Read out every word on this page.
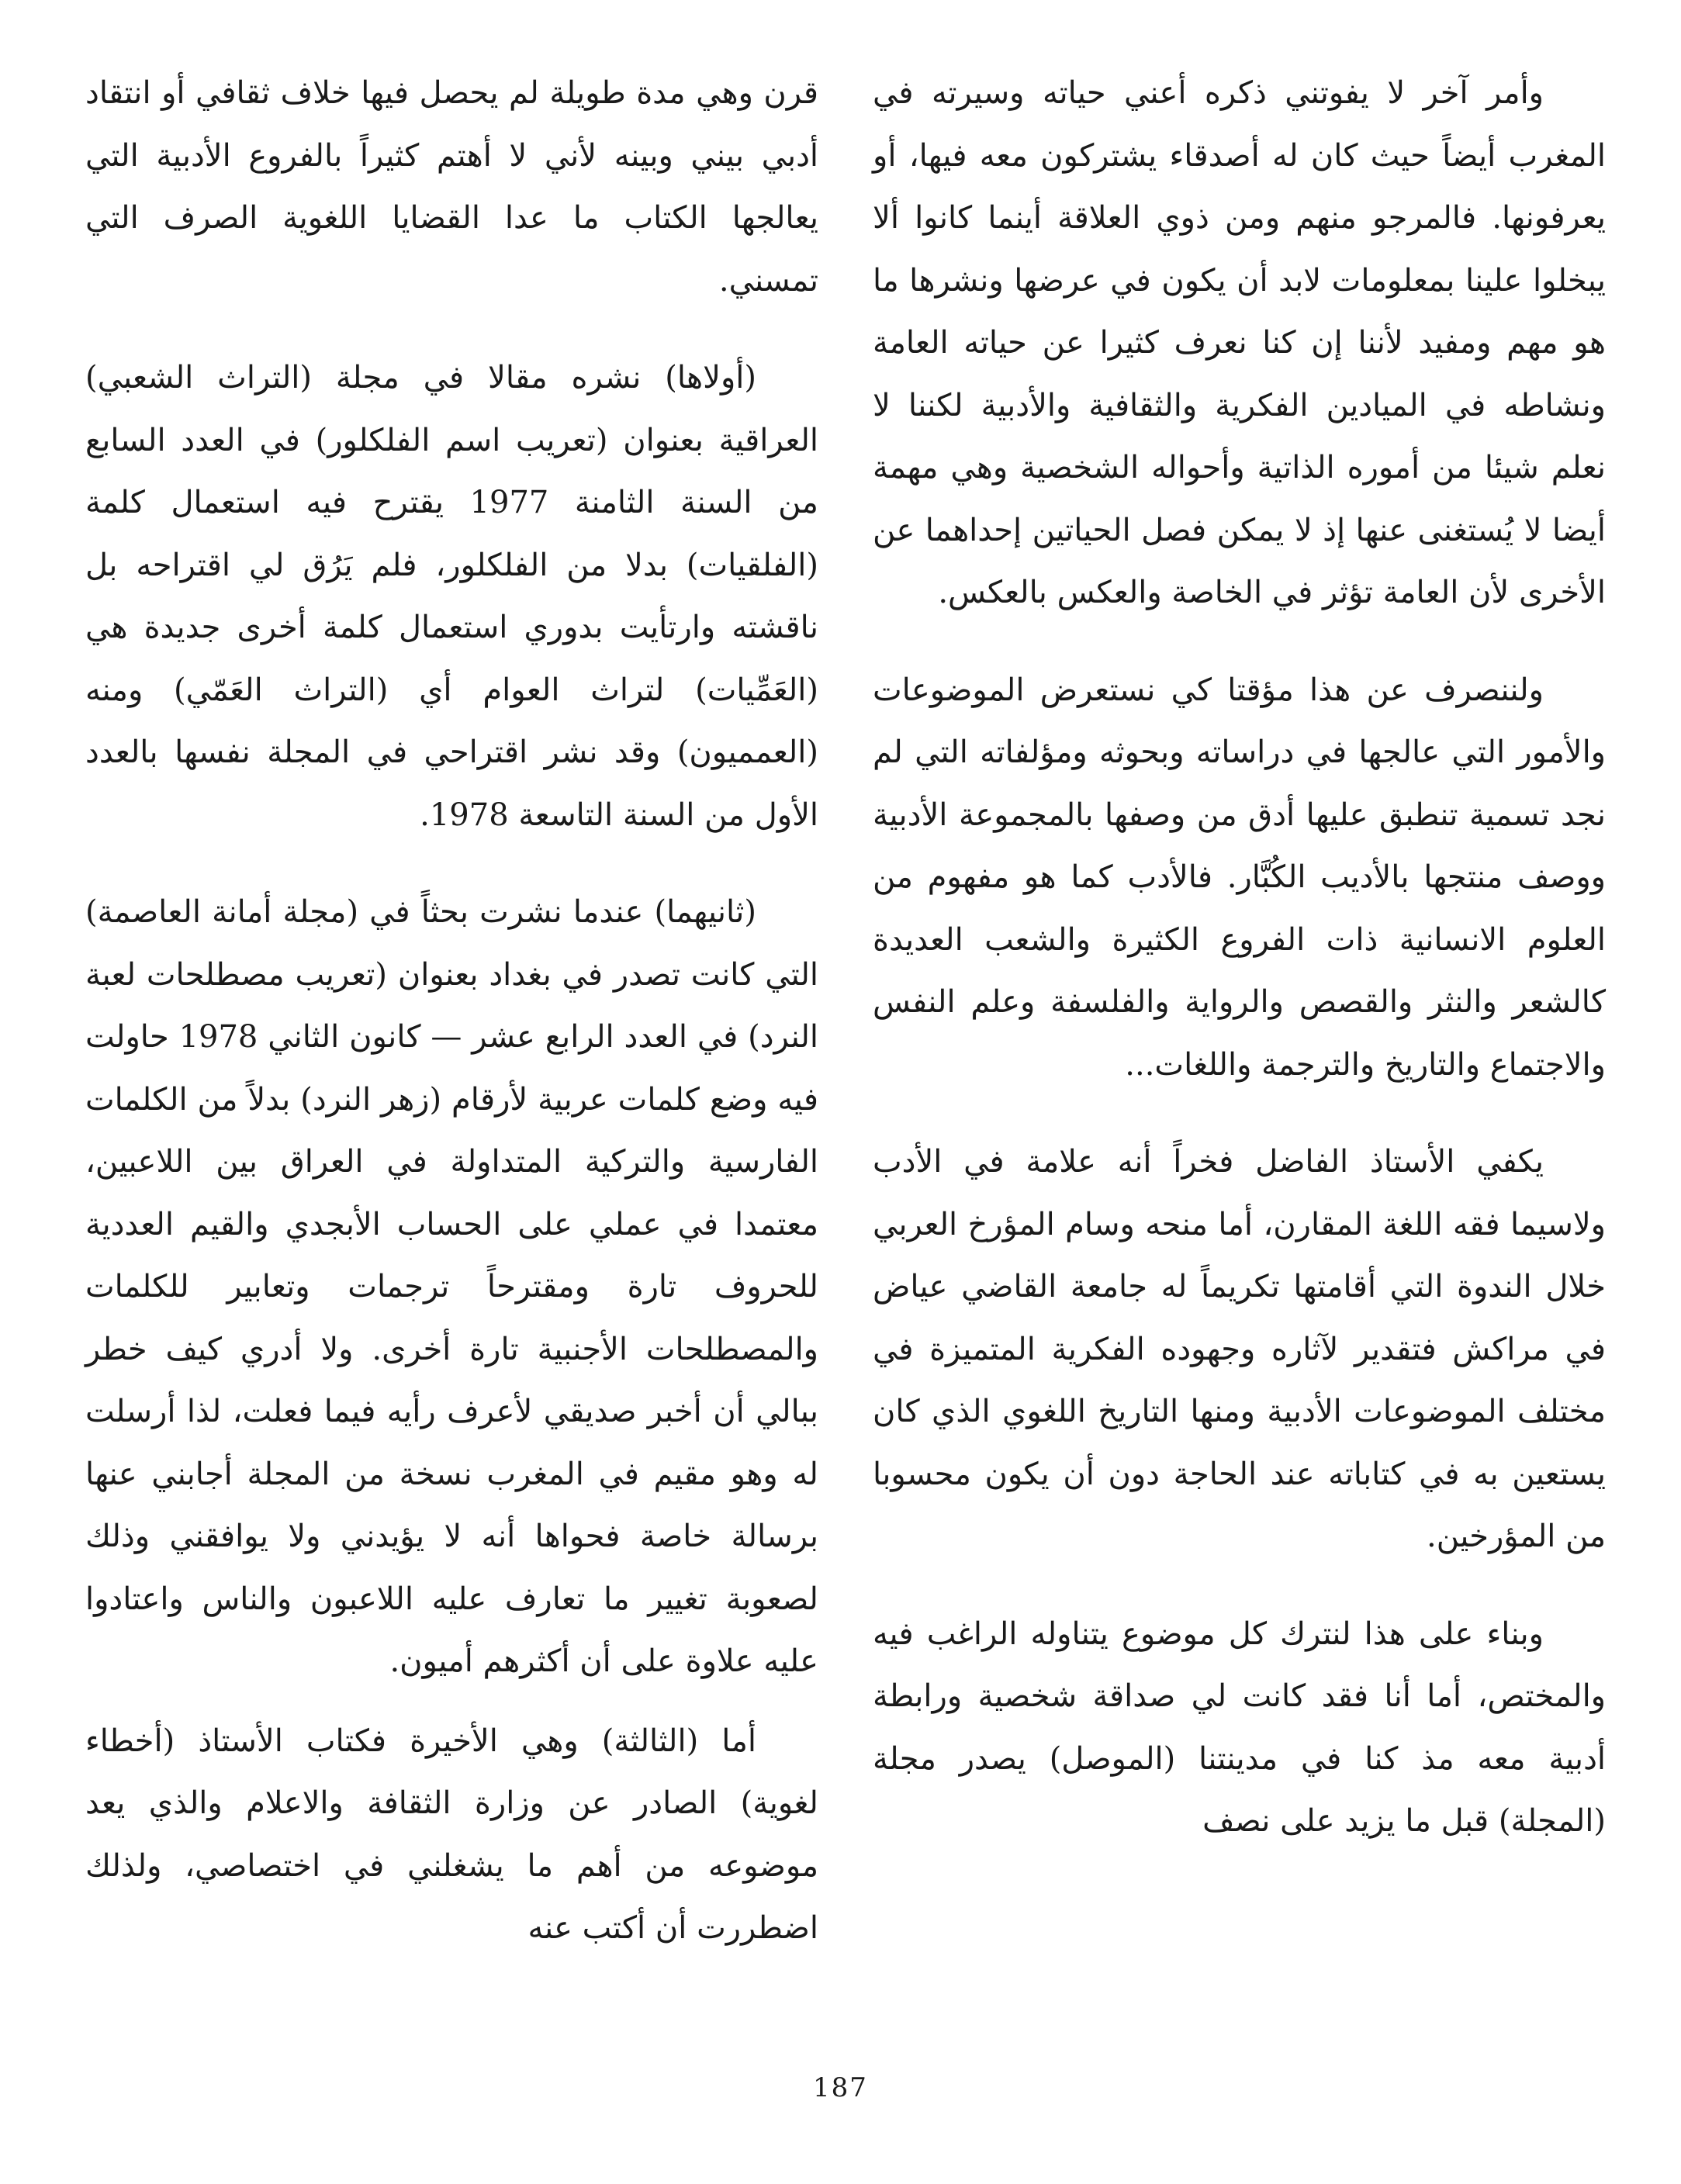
وأمر آخر لا يفوتني ذكره أعني حياته وسيرته في المغرب أيضاً حيث كان له أصدقاء يشتركون معه فيها، أو يعرفونها. فالمرجو منهم ومن ذوي العلاقة أينما كانوا ألا يبخلوا علينا بمعلومات لابد أن يكون في عرضها ونشرها ما هو مهم ومفيد لأننا إن كنا نعرف كثيرا عن حياته العامة ونشاطه في الميادين الفكرية والثقافية والأدبية لكننا لا نعلم شيئا من أموره الذاتية وأحواله الشخصية وهي مهمة أيضا لا يُستغنى عنها إذ لا يمكن فصل الحياتين إحداهما عن الأخرى لأن العامة تؤثر في الخاصة والعكس بالعكس.

ولننصرف عن هذا مؤقتا كي نستعرض الموضوعات والأمور التي عالجها في دراساته وبحوثه ومؤلفاته التي لم نجد تسمية تنطبق عليها أدق من وصفها بالمجموعة الأدبية ووصف منتجها بالأديب الكُبَّار. فالأدب كما هو مفهوم من العلوم الانسانية ذات الفروع الكثيرة والشعب العديدة كالشعر والنثر والقصص والرواية والفلسفة وعلم النفس والاجتماع والتاريخ والترجمة واللغات...

يكفي الأستاذ الفاضل فخراً أنه علامة في الأدب ولاسيما فقه اللغة المقارن، أما منحه وسام المؤرخ العربي خلال الندوة التي أقامتها تكريماً له جامعة القاضي عياض في مراكش فتقدير لآثاره وجهوده الفكرية المتميزة في مختلف الموضوعات الأدبية ومنها التاريخ اللغوي الذي كان يستعين به في كتاباته عند الحاجة دون أن يكون محسوبا من المؤرخين.

وبناء على هذا لنترك كل موضوع يتناوله الراغب فيه والمختص، أما أنا فقد كانت لي صداقة شخصية ورابطة أدبية معه مذ كنا في مدينتنا (الموصل) يصدر مجلة (المجلة) قبل ما يزيد على نصف

قرن وهي مدة طويلة لم يحصل فيها خلاف ثقافي أو انتقاد أدبي بيني وبينه لأني لا أهتم كثيراً بالفروع الأدبية التي يعالجها الكتاب ما عدا القضايا اللغوية الصرف التي تمسني.

(أولاها) نشره مقالا في مجلة (التراث الشعبي) العراقية بعنوان (تعريب اسم الفلكلور) في العدد السابع من السنة الثامنة 1977 يقترح فيه استعمال كلمة (الفلقيات) بدلا من الفلكلور، فلم يَرُق لي اقتراحه بل ناقشته وارتأيت بدوري استعمال كلمة أخرى جديدة هي (العَمِّيات) لتراث العوام أي (التراث العَمّي) ومنه (العمميون) وقد نشر اقتراحي في المجلة نفسها بالعدد الأول من السنة التاسعة 1978.

(ثانيهما) عندما نشرت بحثاً في (مجلة أمانة العاصمة) التي كانت تصدر في بغداد بعنوان (تعريب مصطلحات لعبة النرد) في العدد الرابع عشر — كانون الثاني 1978 حاولت فيه وضع كلمات عربية لأرقام (زهر النرد) بدلاً من الكلمات الفارسية والتركية المتداولة في العراق بين اللاعبين، معتمدا في عملي على الحساب الأبجدي والقيم العددية للحروف تارة ومقترحاً ترجمات وتعابير للكلمات والمصطلحات الأجنبية تارة أخرى. ولا أدري كيف خطر ببالي أن أخبر صديقي لأعرف رأيه فيما فعلت، لذا أرسلت له وهو مقيم في المغرب نسخة من المجلة أجابني عنها برسالة خاصة فحواها أنه لا يؤيدني ولا يوافقني وذلك لصعوبة تغيير ما تعارف عليه اللاعبون والناس واعتادوا عليه علاوة على أن أكثرهم أميون.

أما (الثالثة) وهي الأخيرة فكتاب الأستاذ (أخطاء لغوية) الصادر عن وزارة الثقافة والاعلام والذي يعد موضوعه من أهم ما يشغلني في اختصاصي، ولذلك اضطررت أن أكتب عنه

187
